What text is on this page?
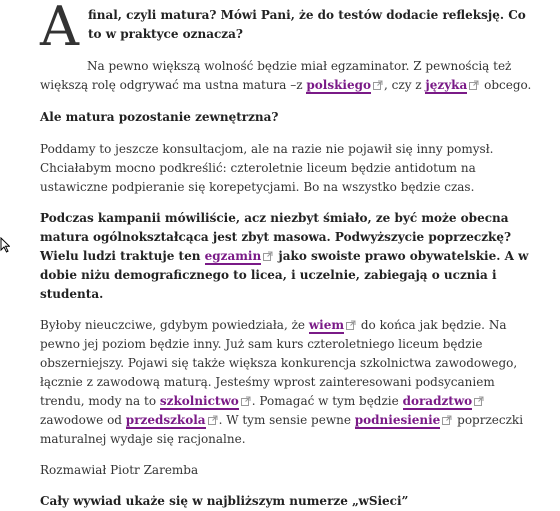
A final, czyli matura? Mówi Pani, że do testów dodacie refleksję. Co to w praktyce oznacza?

Na pewno większą wolność będzie miał egzaminator. Z pewnością też większą rolę odgrywać ma ustna matura –z polskiego , czy z języka obcego.

Ale matura pozostanie zewnętrzna?

Poddamy to jeszcze konsultacjom, ale na razie nie pojawił się inny pomysł. Chciałabym mocno podkreślić: czteroletnie liceum będzie antidotum na ustawiczne podpieranie się korepetycjami. Bo na wszystko będzie czas.

Podczas kampanii mówiliście, acz niezbyt śmiało, ze być może obecna matura ogólnokształcąca jest zbyt masowa. Podwyższycie poprzeczkę? Wielu ludzi traktuje ten egzamin jako swoiste prawo obywatelskie. A w dobie niżu demograficznego to licea, i uczelnie, zabiegają o ucznia i studenta.

Byłoby nieuczciwe, gdybym powiedziała, że wiem do końca jak będzie. Na pewno jej poziom będzie inny. Już sam kurs czteroletniego liceum będzie obszerniejszy. Pojawi się także większa konkurencja szkolnictwa zawodowego, łącznie z zawodową maturą. Jesteśmy wprost zainteresowani podsycaniem trendu, mody na to szkolnictwo . Pomagać w tym będzie doradztwo zawodowe od przedszkola . W tym sensie pewne podniesienie poprzeczki maturalnej wydaje się racjonalne.

Rozmawiał Piotr Zaremba

Cały wywiad ukaże się w najbliższym numerze „wSieci”
